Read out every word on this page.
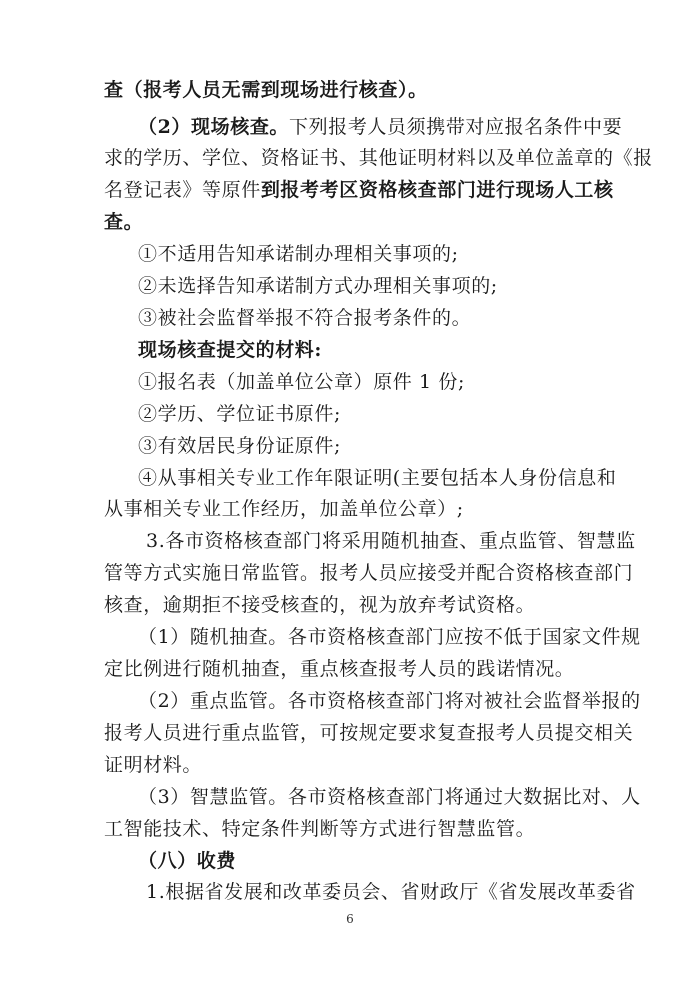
查（报考人员无需到现场进行核查）。
（2）现场核查。下列报考人员须携带对应报名条件中要
求的学历、学位、资格证书、其他证明材料以及单位盖章的《报
名登记表》等原件到报考考区资格核查部门进行现场人工核
查。
①不适用告知承诺制办理相关事项的;
②未选择告知承诺制方式办理相关事项的;
③被社会监督举报不符合报考条件的。
现场核查提交的材料:
①报名表（加盖单位公章）原件 1 份;
②学历、学位证书原件;
③有效居民身份证原件;
④从事相关专业工作年限证明(主要包括本人身份信息和
从事相关专业工作经历，加盖单位公章）;
3.各市资格核查部门将采用随机抽查、重点监管、智慧监
管等方式实施日常监管。报考人员应接受并配合资格核查部门
核查，逾期拒不接受核查的，视为放弃考试资格。
（1）随机抽查。各市资格核查部门应按不低于国家文件规
定比例进行随机抽查，重点核查报考人员的践诺情况。
（2）重点监管。各市资格核查部门将对被社会监督举报的
报考人员进行重点监管，可按规定要求复查报考人员提交相关
证明材料。
（3）智慧监管。各市资格核查部门将通过大数据比对、人
工智能技术、特定条件判断等方式进行智慧监管。
（八）收费
1.根据省发展和改革委员会、省财政厅《省发展改革委省
6
